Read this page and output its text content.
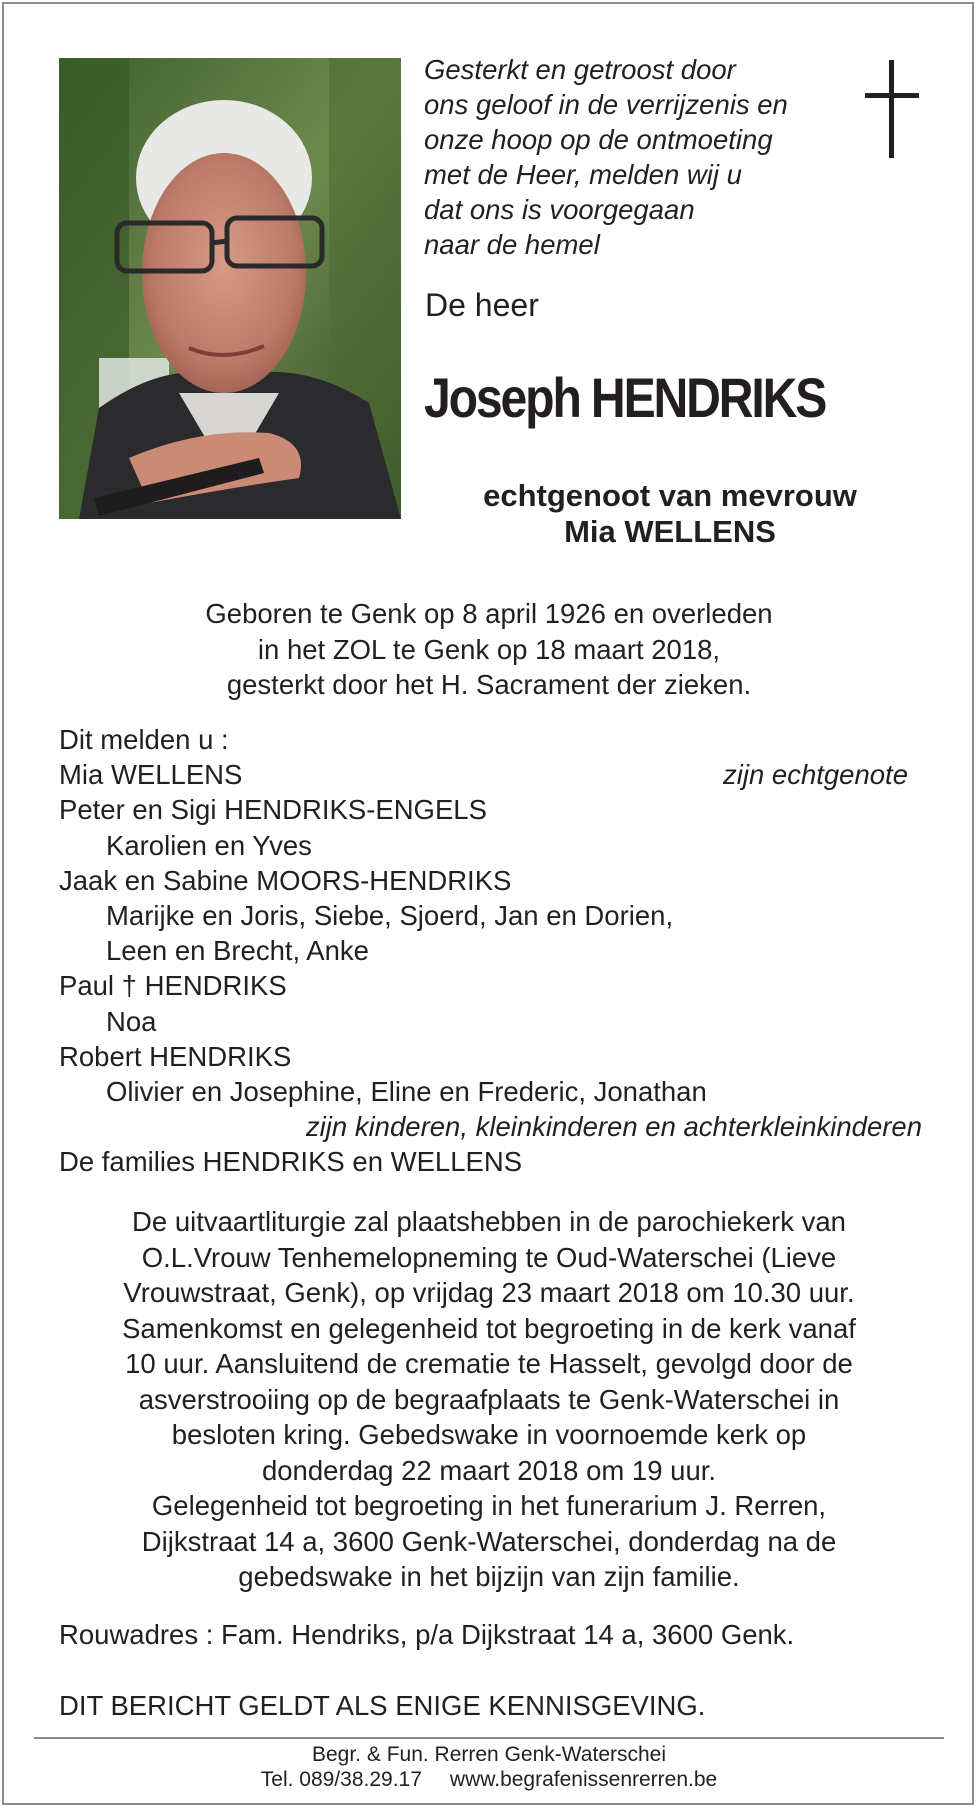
Gesterkt en getroost door
ons geloof in de verrijzenis en
onze hoop op de ontmoeting
met de Heer, melden wij u
dat ons is voorgegaan
naar de hemel
De heer
Joseph HENDRIKS
echtgenoot van mevrouw
Mia WELLENS
Geboren te Genk op 8 april 1926 en overleden
in het ZOL te Genk op 18 maart 2018,
gesterkt door het H. Sacrament der zieken.
Dit melden u :
Mia WELLENS	zijn echtgenote
Peter en Sigi HENDRIKS-ENGELS
Karolien en Yves
Jaak en Sabine MOORS-HENDRIKS
Marijke en Joris, Siebe, Sjoerd, Jan en Dorien,
Leen en Brecht, Anke
Paul † HENDRIKS
Noa
Robert HENDRIKS
Olivier en Josephine, Eline en Frederic, Jonathan
zijn kinderen, kleinkinderen en achterkleinkinderen
De families HENDRIKS en WELLENS
De uitvaartliturgie zal plaatshebben in de parochiekerk van
O.L.Vrouw Tenhemelopneming te Oud-Waterschei (Lieve
Vrouwstraat, Genk), op vrijdag 23 maart 2018 om 10.30 uur.
Samenkomst en gelegenheid tot begroeting in de kerk vanaf
10 uur. Aansluitend de crematie te Hasselt, gevolgd door de
asverstrooiing op de begraafplaats te Genk-Waterschei in
besloten kring. Gebedswake in voornoemde kerk op
donderdag 22 maart 2018 om 19 uur.
Gelegenheid tot begroeting in het funerarium J. Rerren,
Dijkstraat 14 a, 3600 Genk-Waterschei, donderdag na de
gebedswake in het bijzijn van zijn familie.
Rouwadres : Fam. Hendriks, p/a Dijkstraat 14 a, 3600 Genk.
DIT BERICHT GELDT ALS ENIGE KENNISGEVING.
Begr. & Fun. Rerren Genk-Waterschei
Tel. 089/38.29.17 www.begrafenissenrerren.be
